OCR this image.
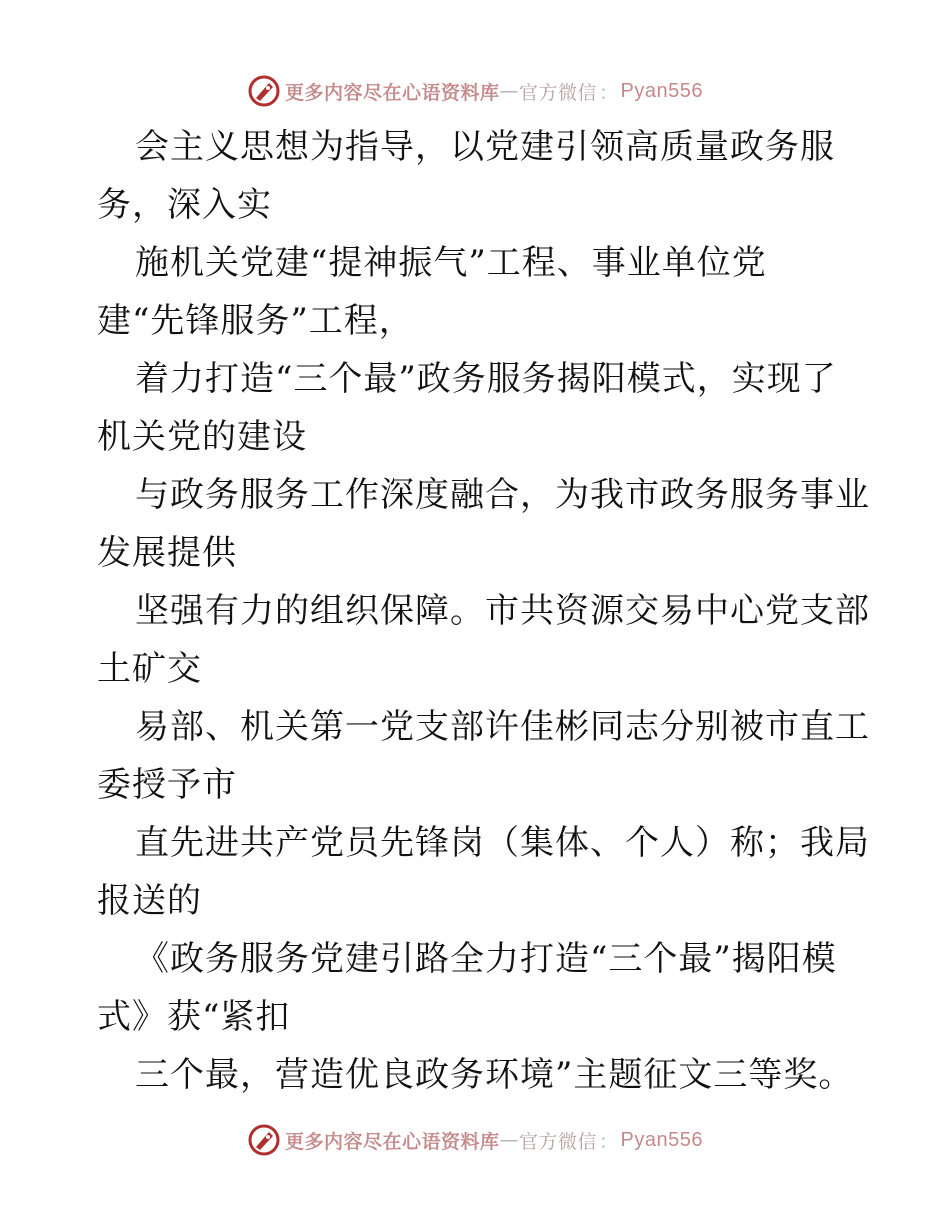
更多内容尽在心语资料库 — 官方微信 ： Pyan556
会主义思想为指导，以党建引领高质量政务服
务，深入实
施机关党建“提神振气”工程、事业单位党
建“先锋服务”工程，
着力打造“三个最”政务服务揭阳模式，实现了
机关党的建设
与政务服务工作深度融合，为我市政务服务事业
发展提供
坚强有力的组织保障。市共资源交易中心党支部
土矿交
易部、机关第一党支部许佳彬同志分别被市直工
委授予市
直先进共产党员先锋岗（集体、个人）称；我局
报送的
《政务服务党建引路全力打造“三个最”揭阳模
式》获“紧扣
三个最，营造优良政务环境”主题征文三等奖。
更多内容尽在心语资料库 — 官方微信 ： Pyan556
